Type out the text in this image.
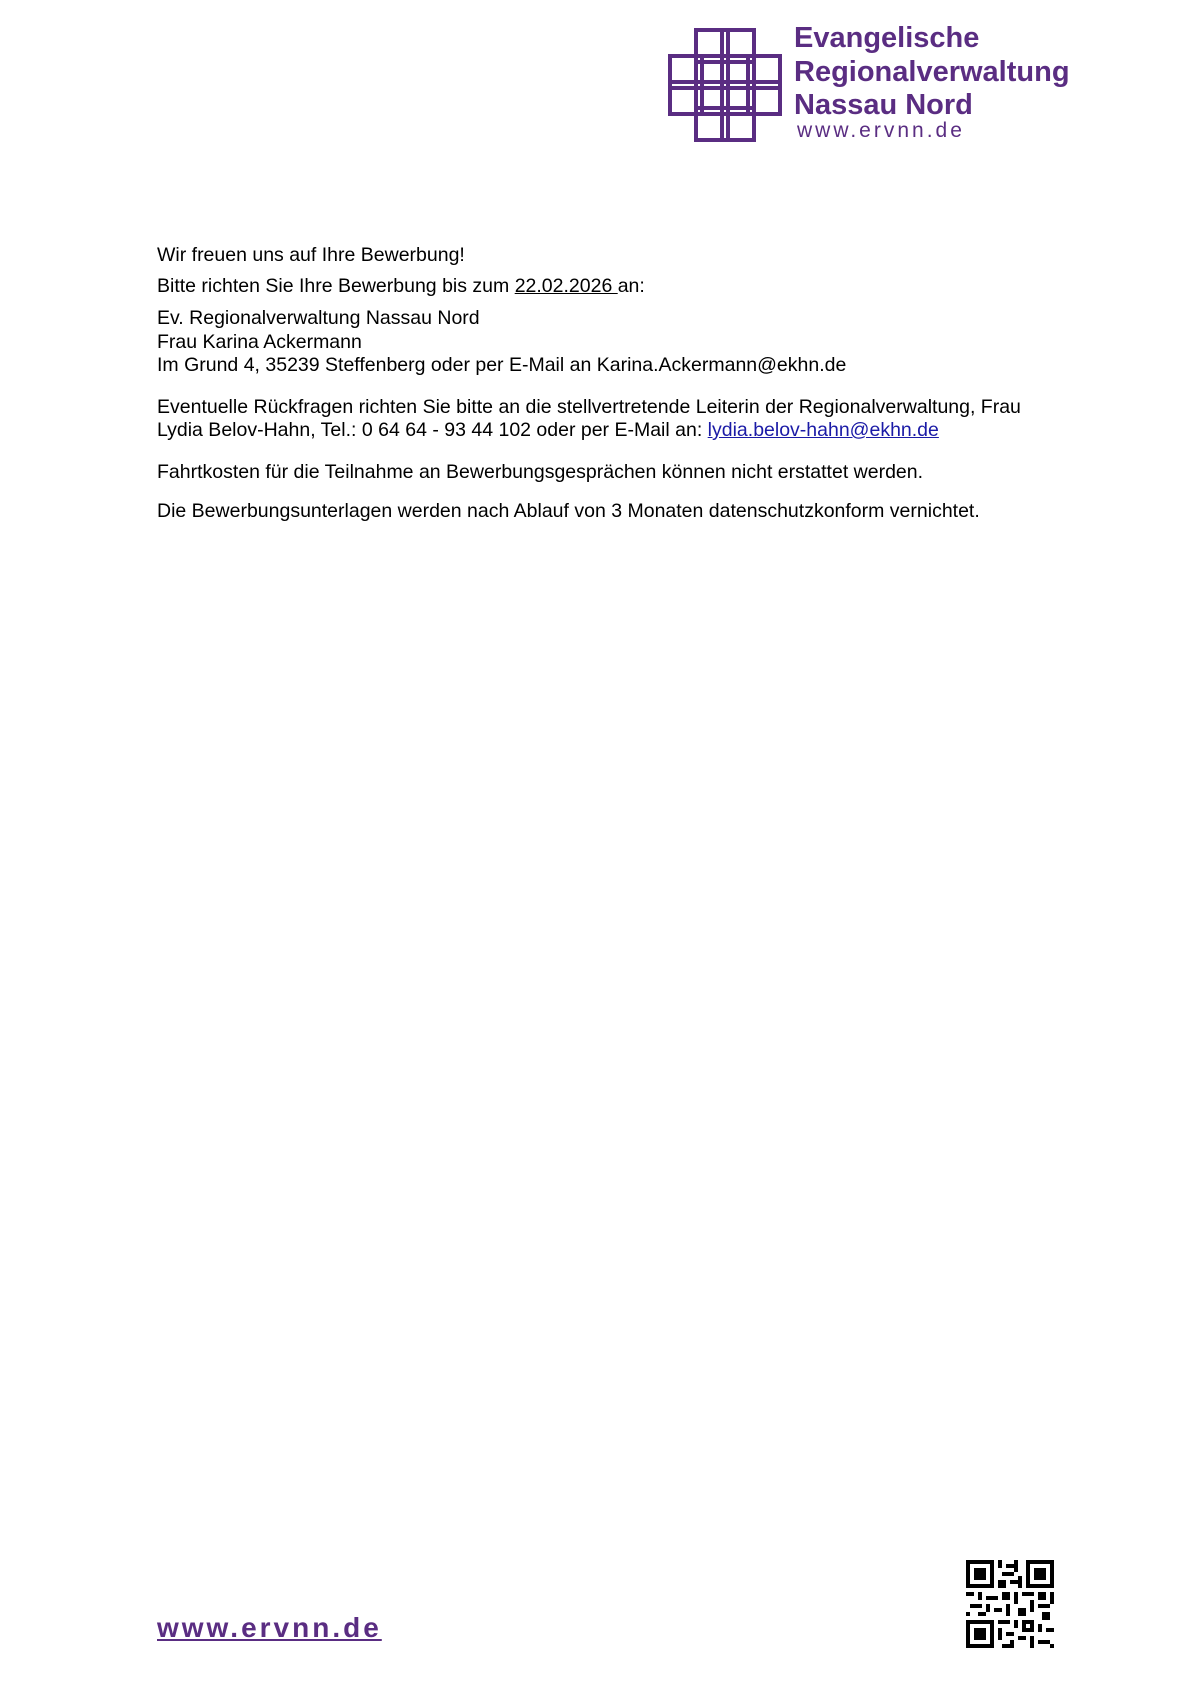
Evangelische
Regionalverwaltung
Nassau Nord
www.ervnn.de

Wir freuen uns auf Ihre Bewerbung!

Bitte richten Sie Ihre Bewerbung bis zum 22.02.2026 an:

Ev. Regionalverwaltung Nassau Nord

Frau Karina Ackermann

Im Grund 4, 35239 Steffenberg oder per E-Mail an Karina.Ackermann@ekhn.de

Eventuelle Rückfragen richten Sie bitte an die stellvertretende Leiterin der Regionalverwaltung, Frau Lydia Belov-Hahn, Tel.: 0 64 64 - 93 44 102 oder per E-Mail an: lydia.belov-hahn@ekhn.de

Fahrtkosten für die Teilnahme an Bewerbungsgesprächen können nicht erstattet werden.

Die Bewerbungsunterlagen werden nach Ablauf von 3 Monaten datenschutzkonform vernichtet.

www.ervnn.de
